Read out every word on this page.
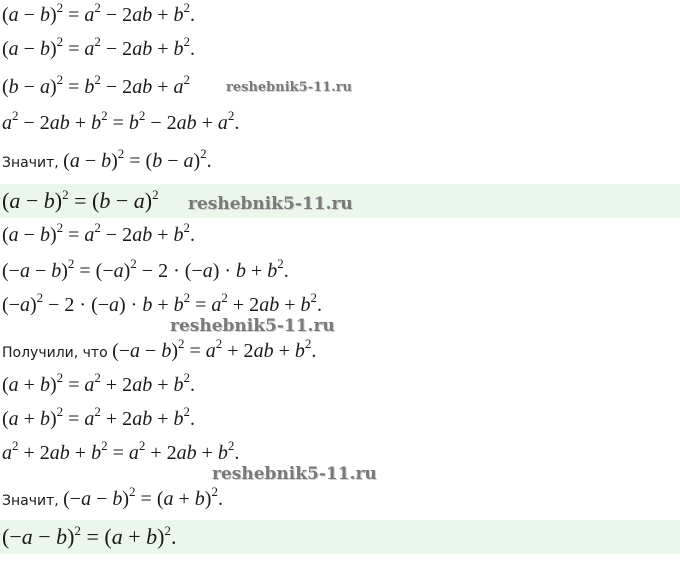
$(a - b)^2 = a^2 - 2ab + b^2$.
$(a - b)^2 = a^2 - 2ab + b^2$.
$(b - a)^2 = b^2 - 2ab + a^2$
reshebnik5-11.ru
$a^2 - 2ab + b^2 = b^2 - 2ab + a^2$.
Значит, $(a - b)^2 = (b - a)^2$.
$(a - b)^2 = (b - a)^2$	reshebnik5-11.ru
$(a - b)^2 = a^2 - 2ab + b^2$.
$(-a - b)^2 = (-a)^2 - 2 \cdot (-a) \cdot b + b^2$.
$(-a)^2 - 2 \cdot (-a) \cdot b + b^2 = a^2 + 2ab + b^2$.
reshebnik5-11.ru
Получили, что $(-a - b)^2 = a^2 + 2ab + b^2$.
$(a + b)^2 = a^2 + 2ab + b^2$.
$(a + b)^2 = a^2 + 2ab + b^2$.
$a^2 + 2ab + b^2 = a^2 + 2ab + b^2$.
reshebnik5-11.ru
Значит, $(-a - b)^2 = (a + b)^2$.
$(-a - b)^2 = (a + b)^2$.
